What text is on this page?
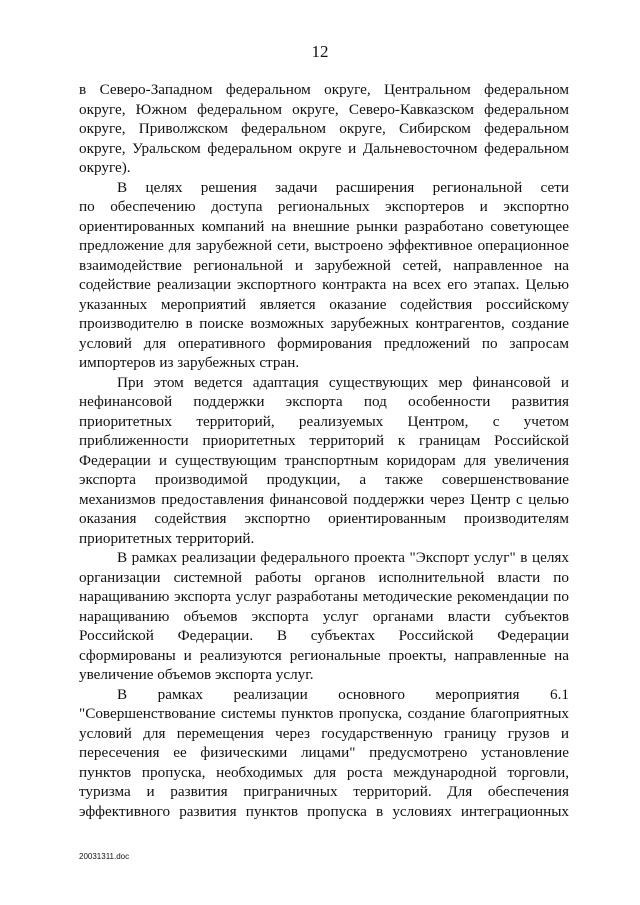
12
в Северо-Западном федеральном округе, Центральном федеральном
округе, Южном федеральном округе, Северо-Кавказском федеральном
округе, Приволжском федеральном округе, Сибирском федеральном
округе, Уральском федеральном округе и Дальневосточном федеральном
округе).
В целях решения задачи расширения региональной сети
по обеспечению доступа региональных экспортеров и экспортно
ориентированных компаний на внешние рынки разработано советующее
предложение для зарубежной сети, выстроено эффективное операционное
взаимодействие региональной и зарубежной сетей, направленное на
содействие реализации экспортного контракта на всех его этапах. Целью
указанных мероприятий является оказание содействия российскому
производителю в поиске возможных зарубежных контрагентов, создание
условий для оперативного формирования предложений по запросам
импортеров из зарубежных стран.
При этом ведется адаптация существующих мер финансовой и
нефинансовой поддержки экспорта под особенности развития
приоритетных территорий, реализуемых Центром, с учетом
приближенности приоритетных территорий к границам Российской
Федерации и существующим транспортным коридорам для увеличения
экспорта производимой продукции, а также совершенствование
механизмов предоставления финансовой поддержки через Центр с целью
оказания содействия экспортно ориентированным производителям
приоритетных территорий.
В рамках реализации федерального проекта "Экспорт услуг" в целях
организации системной работы органов исполнительной власти по
наращиванию экспорта услуг разработаны методические рекомендации по
наращиванию объемов экспорта услуг органами власти субъектов
Российской Федерации. В субъектах Российской Федерации
сформированы и реализуются региональные проекты, направленные на
увеличение объемов экспорта услуг.
В рамках реализации основного мероприятия 6.1
"Совершенствование системы пунктов пропуска, создание благоприятных
условий для перемещения через государственную границу грузов и
пересечения ее физическими лицами" предусмотрено установление
пунктов пропуска, необходимых для роста международной торговли,
туризма и развития приграничных территорий. Для обеспечения
эффективного развития пунктов пропуска в условиях интеграционных
20031311.doc
